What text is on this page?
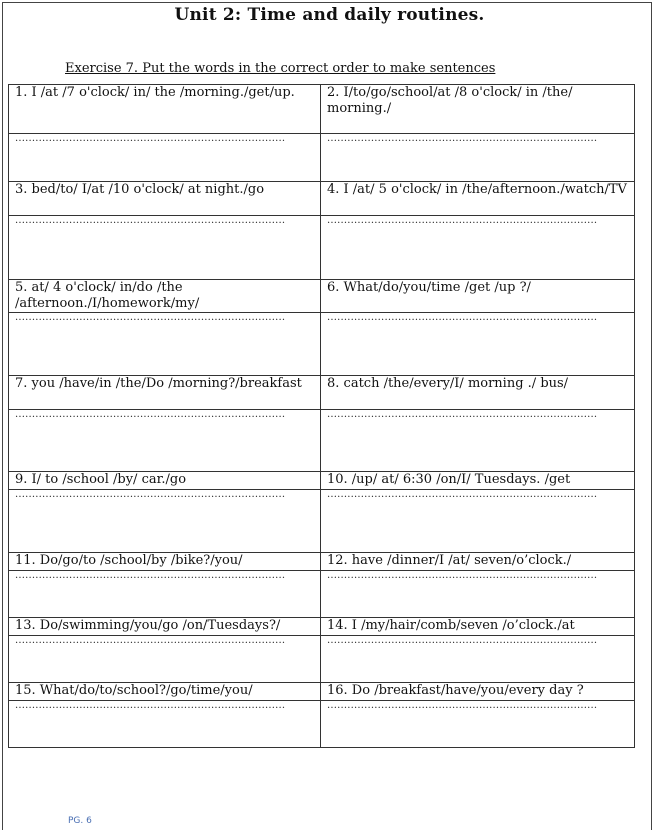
Unit 2: Time and daily routines.
Exercise 7. Put the words in the correct order to make sentences
1. I /at /7 o'clock/ in/ the /morning./get/up.	2. I/to/go/school/at /8 o'clock/ in /the/ morning./

................................................................................	................................................................................

3. bed/to/ I/at /10 o'clock/ at night./go	4. I /at/ 5 o'clock/ in /the/afternoon./watch/TV

................................................................................	................................................................................

5. at/ 4 o'clock/ in/do /the /afternoon./I/homework/my/	6. What/do/you/time /get /up ?/

................................................................................	................................................................................

7. you /have/in /the/Do /morning?/breakfast	8. catch /the/every/I/ morning ./ bus/

................................................................................	................................................................................

9. I/ to /school /by/ car./go	10. /up/ at/ 6:30 /on/I/ Tuesdays. /get

................................................................................	................................................................................

11. Do/go/to /school/by /bike?/you/	12. have /dinner/I /at/ seven/o’clock./

................................................................................	................................................................................

13. Do/swimming/you/go /on/Tuesdays?/	14. I /my/hair/comb/seven /o’clock./at

................................................................................	................................................................................

15. What/do/to/school?/go/time/you/	16. Do /breakfast/have/you/every day ?

................................................................................	................................................................................
PG. 6
